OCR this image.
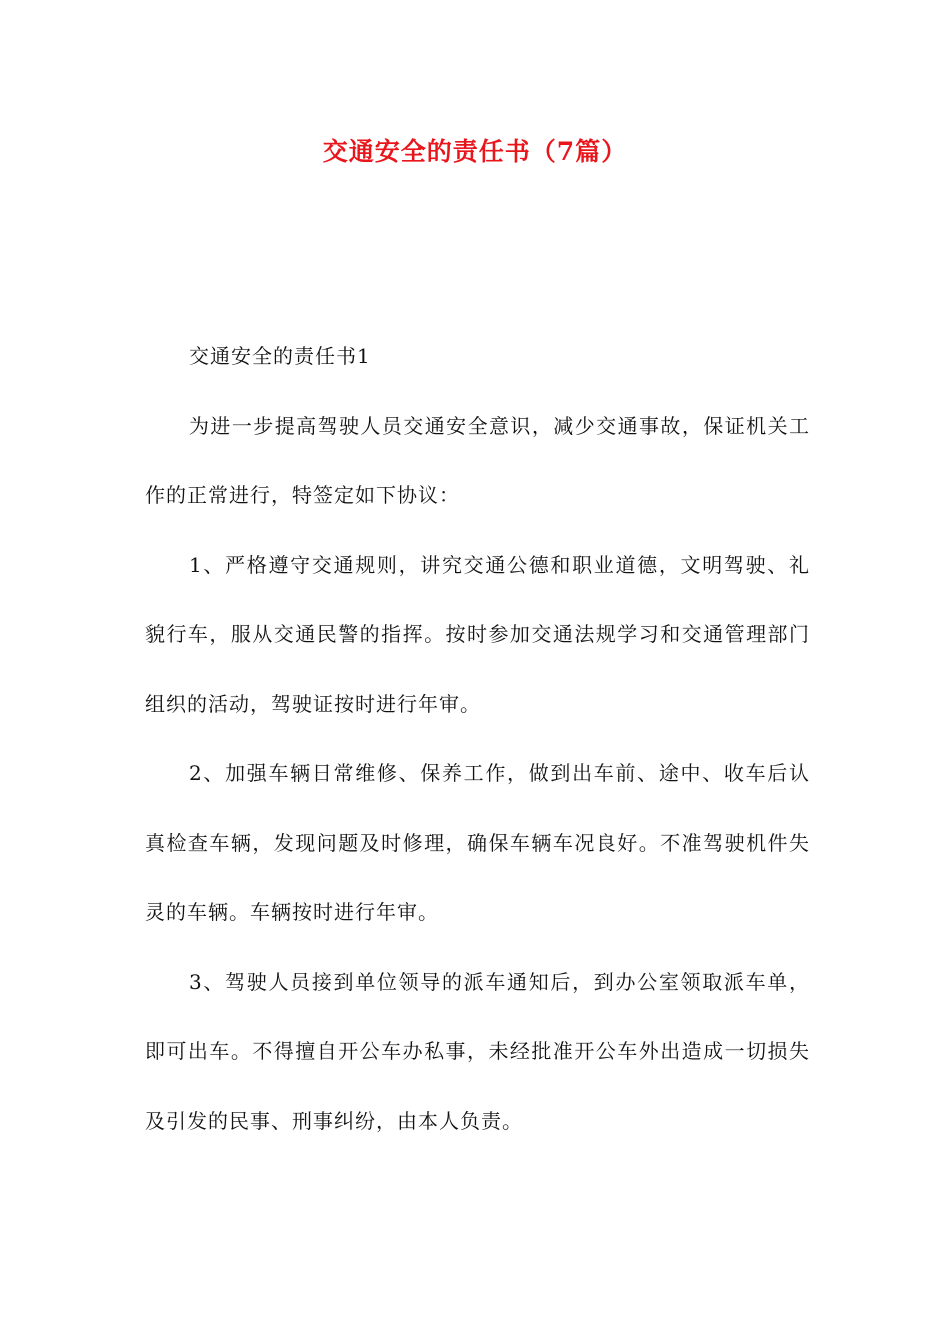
交通安全的责任书（7篇）

交通安全的责任书1

为进一步提高驾驶人员交通安全意识，减少交通事故，保证机关工作的正常进行，特签定如下协议：

1、严格遵守交通规则，讲究交通公德和职业道德，文明驾驶、礼貌行车，服从交通民警的指挥。按时参加交通法规学习和交通管理部门组织的活动，驾驶证按时进行年审。

2、加强车辆日常维修、保养工作，做到出车前、途中、收车后认真检查车辆，发现问题及时修理，确保车辆车况良好。不准驾驶机件失灵的车辆。车辆按时进行年审。

3、驾驶人员接到单位领导的派车通知后，到办公室领取派车单，即可出车。不得擅自开公车办私事，未经批准开公车外出造成一切损失及引发的民事、刑事纠纷，由本人负责。
